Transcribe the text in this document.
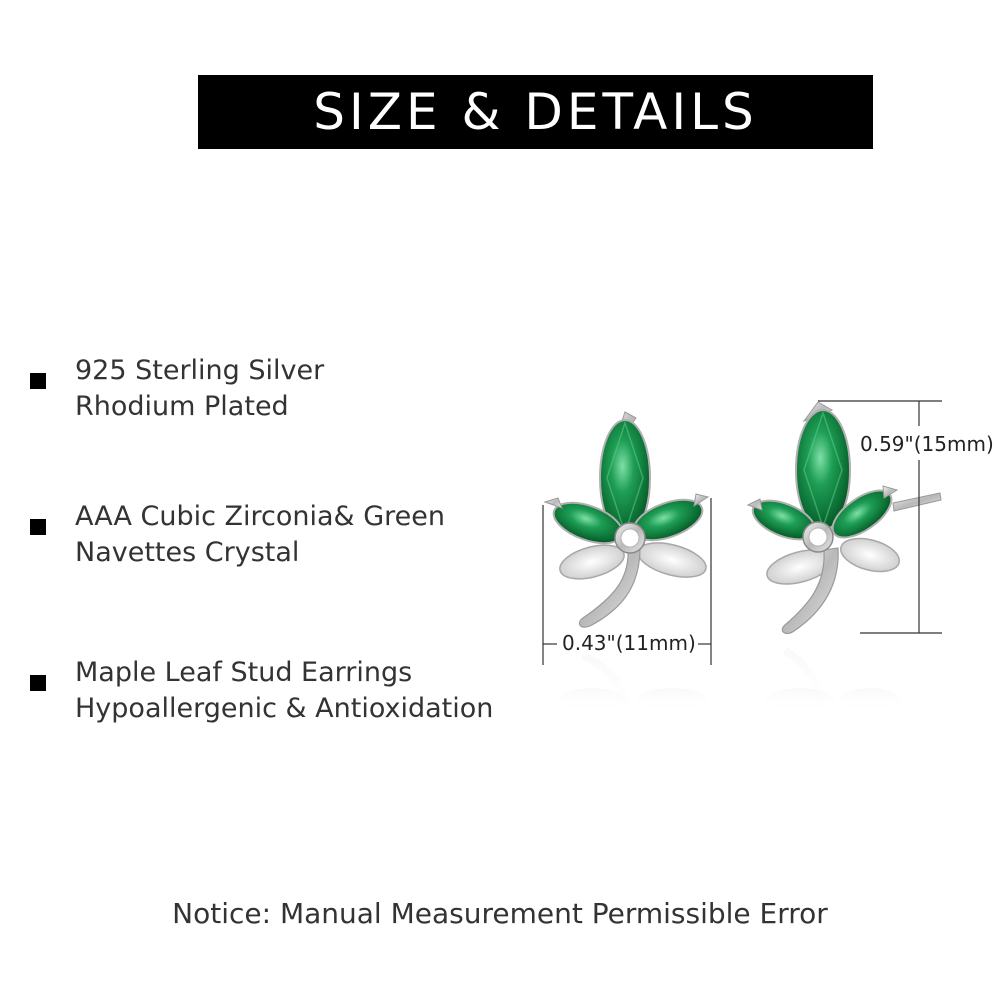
SIZE & DETAILS
925 Sterling Silver
Rhodium Plated
AAA Cubic Zirconia& Green
Navettes Crystal
Maple Leaf Stud Earrings
Hypoallergenic & Antioxidation
0.43"(11mm)
0.59"(15mm)
Notice: Manual Measurement Permissible Error
